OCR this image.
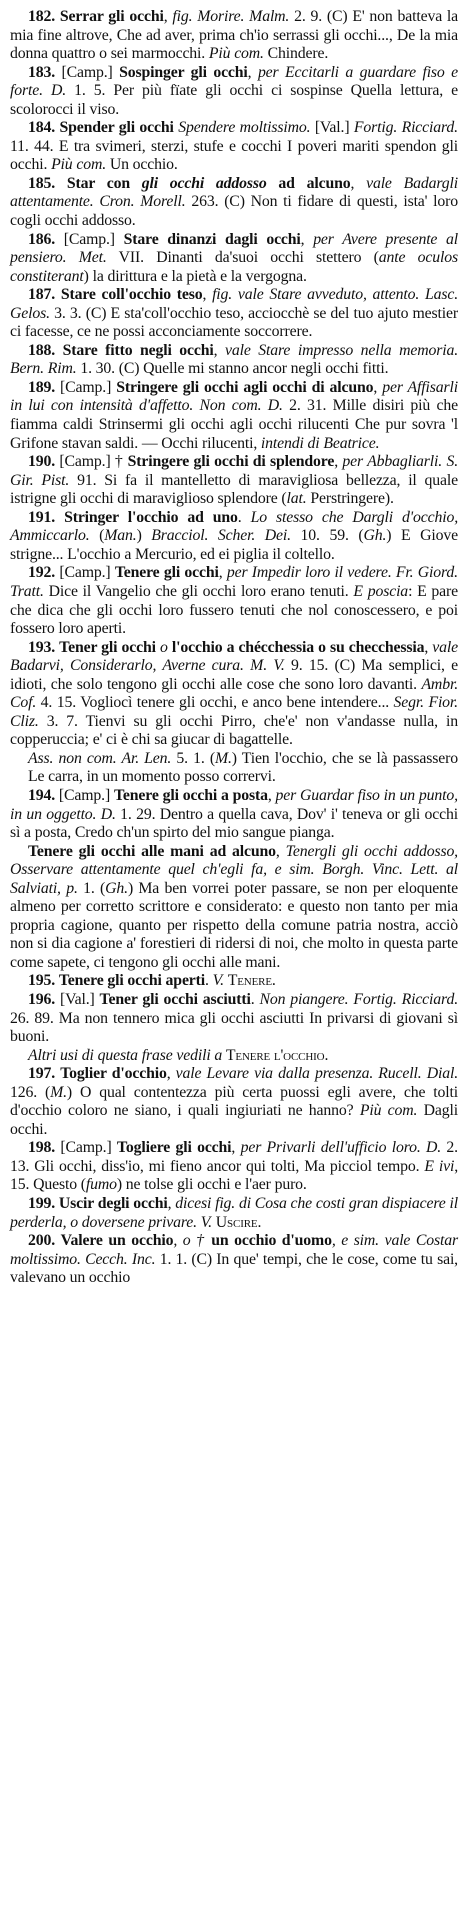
182. Serrar gli occhi, fig. Morire. Malm. 2. 9. (C) E' non batteva la mia fine altrove, Che ad aver, prima ch'io serrassi gli occhi..., De la mia donna quattro o sei marmocchi. Più com. Chindere.

183. [Camp.] Sospinger gli occhi, per Eccitarli a guardare fiso e forte. D. 1. 5. Per più fïate gli occhi ci sospinse Quella lettura, e scolorocci il viso.

184. Spender gli occhi Spendere moltissimo. [Val.] Fortig. Ricciard. 11. 44. E tra svimeri, sterzi, stufe e cocchi I poveri mariti spendon gli occhi. Più com. Un occhio.

185. Star con gli occhi addosso ad alcuno, vale Badargli attentamente. Cron. Morell. 263. (C) Non ti fidare di questi, ista' loro cogli occhi addosso.

186. [Camp.] Stare dinanzi dagli occhi, per Avere presente al pensiero. Met. VII. Dinanti da'suoi occhi stettero (ante oculos constiterant) la dirittura e la pietà e la vergogna.

187. Stare coll'occhio teso, fig. vale Stare avveduto, attento. Lasc. Gelos. 3. 3. (C) E sta'coll'occhio teso, acciocchè se del tuo ajuto mestier ci facesse, ce ne possi acconciamente soccorrere.

188. Stare fitto negli occhi, vale Stare impresso nella memoria. Bern. Rim. 1. 30. (C) Quelle mi stanno ancor negli occhi fitti.

189. [Camp.] Stringere gli occhi agli occhi di alcuno, per Affisarli in lui con intensità d'affetto. Non com. D. 2. 31. Mille disiri più che fiamma caldi Strinsermi gli occhi agli occhi rilucenti Che pur sovra 'l Grifone stavan saldi. — Occhi rilucenti, intendi di Beatrice.

190. [Camp.] † Stringere gli occhi di splendore, per Abbagliarli. S. Gir. Pist. 91. Si fa il mantelletto di maravigliosa bellezza, il quale istrigne gli occhi di maraviglioso splendore (lat. Perstringere).

191. Stringer l'occhio ad uno. Lo stesso che Dargli d'occhio, Ammiccarlo. (Man.) Bracciol. Scher. Dei. 10. 59. (Gh.) E Giove strigne... L'occhio a Mercurio, ed ei piglia il coltello.

192. [Camp.] Tenere gli occhi, per Impedir loro il vedere. Fr. Giord. Tratt. Dice il Vangelio che gli occhi loro erano tenuti. E poscia: E pare che dica che gli occhi loro fussero tenuti che nol conoscessero, e poi fossero loro aperti.

193. Tener gli occhi o l'occhio a chécchessia o su checchessia, vale Badarvi, Considerarlo, Averne cura. M. V. 9. 15. (C) Ma semplici, e idioti, che solo tengono gli occhi alle cose che sono loro davanti. Ambr. Cof. 4. 15. Vogliocì tenere gli occhi, e anco bene intendere... Segr. Fior. Cliz. 3. 7. Tienvi su gli occhi Pirro, che'e' non v'andasse nulla, in copperuccia; e' ci è chi sa giucar di bagattelle.

Ass. non com. Ar. Len. 5. 1. (M.) Tien l'occhio, che se là passassero Le carra, in un momento posso corrervi.

194. [Camp.] Tenere gli occhi a posta, per Guardar fiso in un punto, in un oggetto. D. 1. 29. Dentro a quella cava, Dov' i' teneva or gli occhi sì a posta, Credo ch'un spirto del mio sangue pianga.

Tenere gli occhi alle mani ad alcuno, Tenergli gli occhi addosso, Osservare attentamente quel ch'egli fa, e sim. Borgh. Vinc. Lett. al Salviati, p. 1. (Gh.) Ma ben vorrei poter passare, se non per eloquente almeno per corretto scrittore e considerato: e questo non tanto per mia propria cagione, quanto per rispetto della comune patria nostra, acciò non si dia cagione a' forestieri di ridersi di noi, che molto in questa parte come sapete, ci tengono gli occhi alle mani.

195. Tenere gli occhi aperti. V. Tenere.

196. [Val.] Tener gli occhi asciutti. Non piangere. Fortig. Ricciard. 26. 89. Ma non tennero mica gli occhi asciutti In privarsi di giovani sì buoni.

Altri usi di questa frase vedili a Tenere l'occhio.

197. Toglier d'occhio, vale Levare via dalla presenza. Rucell. Dial. 126. (M.) O qual contentezza più certa puossi egli avere, che tolti d'occhio coloro ne siano, i quali ingiuriati ne hanno? Più com. Dagli occhi.

198. [Camp.] Togliere gli occhi, per Privarli dell'ufficio loro. D. 2. 13. Gli occhi, diss'io, mi fieno ancor qui tolti, Ma picciol tempo. E ivi, 15. Questo (fumo) ne tolse gli occhi e l'aer puro.

199. Uscir degli occhi, dicesi fig. di Cosa che costi gran dispiacere il perderla, o doversene privare. V. Uscire.

200. Valere un occhio, o † un occhio d'uomo, e sim. vale Costar moltissimo. Cecch. Inc. 1. 1. (C) In que' tempi, che le cose, come tu sai, valevano un occhio
